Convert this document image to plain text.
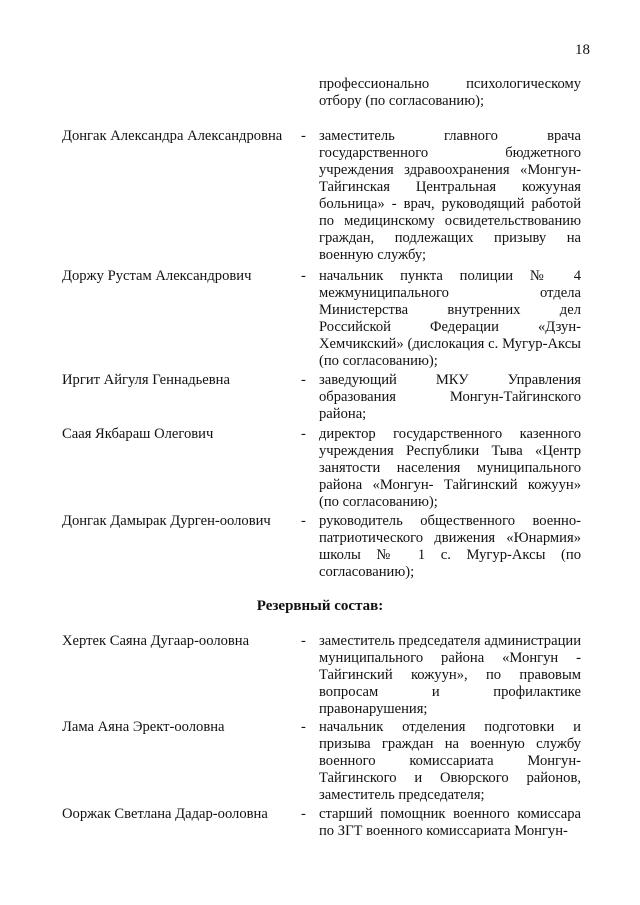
18
профессионально психологическому отбору (по согласованию);
Донгак Александра Александровна	- заместитель главного врача государственного бюджетного учреждения здравоохранения «Монгун-Тайгинская Центральная кожууная больница» - врач, руководящий работой по медицинскому освидетельствованию граждан, подлежащих призыву на военную службу;
Доржу Рустам Александрович	- начальник пункта полиции № 4 межмуниципального отдела Министерства внутренних дел Российской Федерации «Дзун-Хемчикский» (дислокация с. Мугур-Аксы (по согласованию);
Иргит Айгуля Геннадьевна	- заведующий МКУ Управления образования Монгун-Тайгинского района;
Саая Якбараш Олегович	- директор государственного казенного учреждения Республики Тыва «Центр занятости населения муниципального района «Монгун- Тайгинский кожуун» (по согласованию);
Донгак Дамырак Дурген-оолович	- руководитель общественного военно-патриотического движения «Юнармия» школы № 1 с. Мугур-Аксы (по согласованию);
Резервный состав:
Хертек Саяна Дугаар-ооловна	- заместитель председателя администрации муниципального района «Монгун - Тайгинский кожуун», по правовым вопросам и профилактике правонарушения;
Лама Аяна Эрект-ооловна	- начальник отделения подготовки и призыва граждан на военную службу военного комиссариата Монгун-Тайгинского и Овюрского районов, заместитель председателя;
Ооржак Светлана Дадар-ооловна	- старший помощник военного комиссара по ЗГТ военного комиссариата Монгун-
